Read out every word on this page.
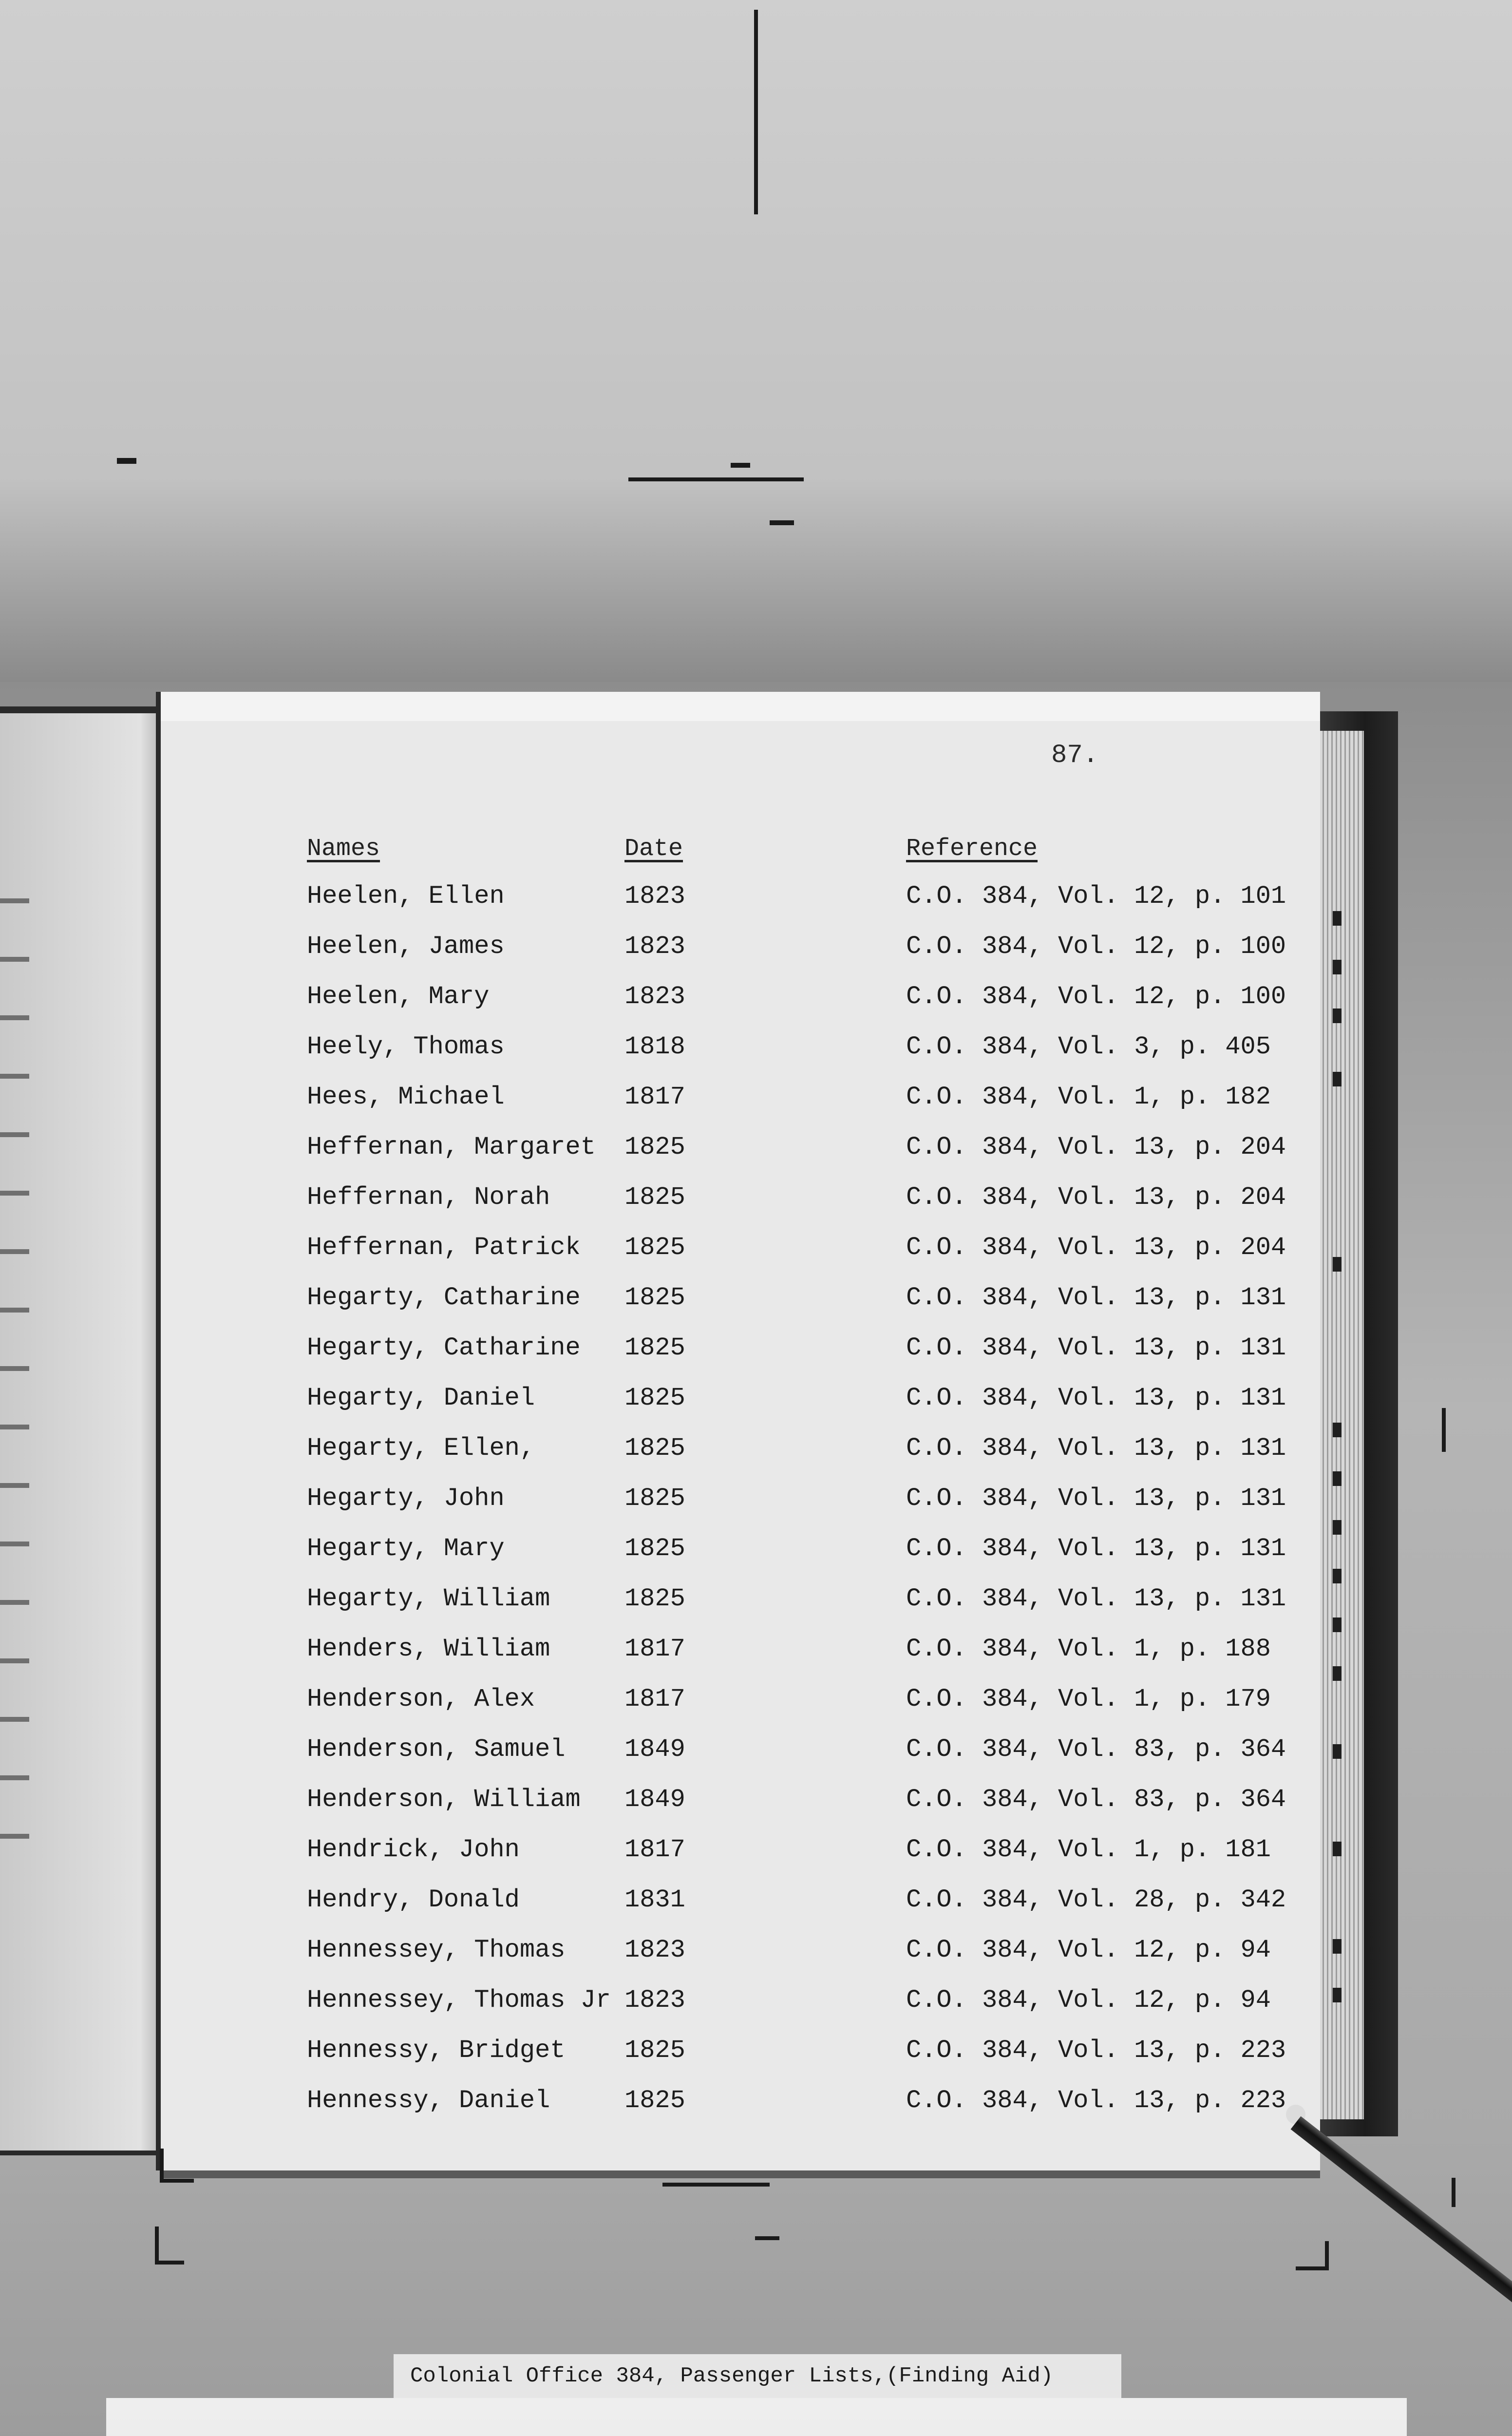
87.
Names	Date	Reference
Heelen, Ellen	1823	C.O. 384, Vol. 12, p. 101
Heelen, James	1823	C.O. 384, Vol. 12, p. 100
Heelen, Mary	1823	C.O. 384, Vol. 12, p. 100
Heely, Thomas	1818	C.O. 384, Vol. 3, p. 405
Hees, Michael	1817	C.O. 384, Vol. 1, p. 182
Heffernan, Margaret 1825	C.O. 384, Vol. 13, p. 204
Heffernan, Norah	1825	C.O. 384, Vol. 13, p. 204
Heffernan, Patrick 1825	C.O. 384, Vol. 13, p. 204
Hegarty, Catharine 1825	C.O. 384, Vol. 13, p. 131
Hegarty, Catharine 1825	C.O. 384, Vol. 13, p. 131
Hegarty, Daniel	1825	C.O. 384, Vol. 13, p. 131
Hegarty, Ellen,	1825	C.O. 384, Vol. 13, p. 131
Hegarty, John	1825	C.O. 384, Vol. 13, p. 131
Hegarty, Mary	1825	C.O. 384, Vol. 13, p. 131
Hegarty, William	1825	C.O. 384, Vol. 13, p. 131
Henders, William	1817	C.O. 384, Vol. 1, p. 188
Henderson, Alex	1817	C.O. 384, Vol. 1, p. 179
Henderson, Samuel 1849	C.O. 384, Vol. 83, p. 364
Henderson, William 1849	C.O. 384, Vol. 83, p. 364
Hendrick, John	1817	C.O. 384, Vol. 1, p. 181
Hendry, Donald	1831	C.O. 384, Vol. 28, p. 342
Hennessey, Thomas 1823	C.O. 384, Vol. 12, p. 94
Hennessey, Thomas Jr 1823	C.O. 384, Vol. 12, p. 94
Hennessy, Bridget 1825	C.O. 384, Vol. 13, p. 223
Hennessy, Daniel	1825	C.O. 384, Vol. 13, p. 223
Colonial Office 384, Passenger Lists,(Finding Aid)
